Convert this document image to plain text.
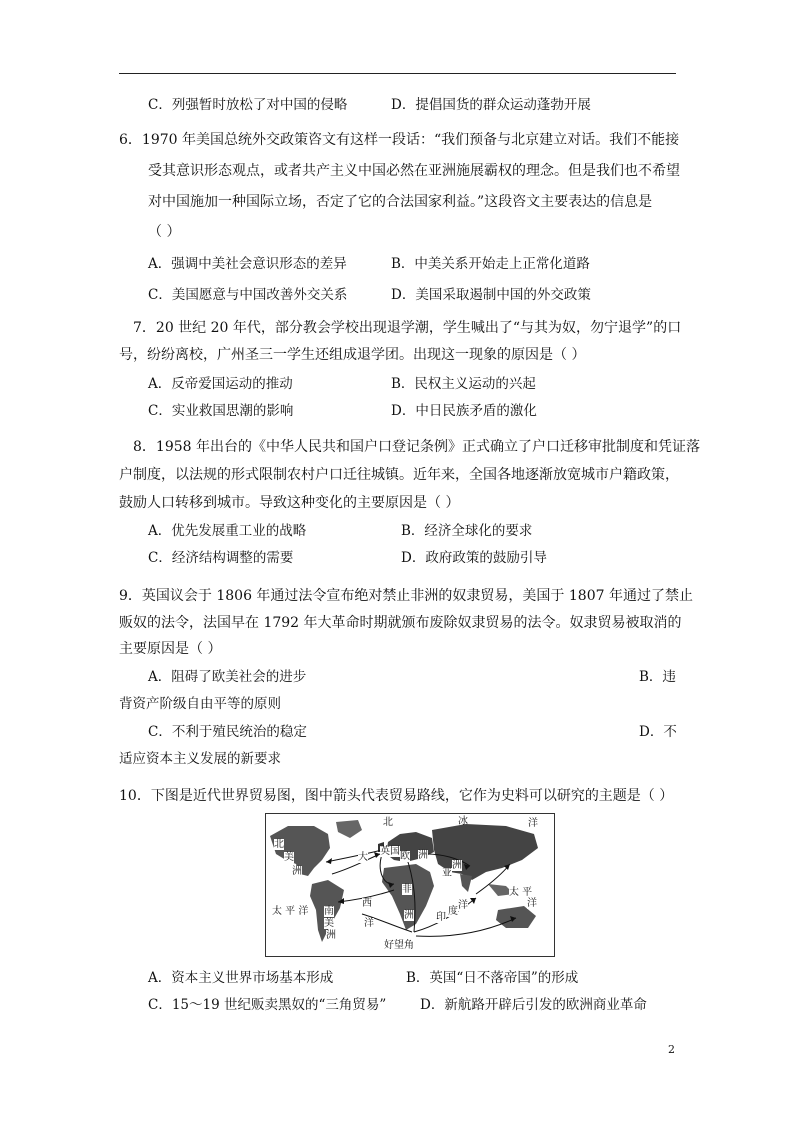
C．列强暂时放松了对中国的侵略	D．提倡国货的群众运动蓬勃开展
6．1970 年美国总统外交政策咨文有这样一段话：“我们预备与北京建立对话。我们不能接
受其意识形态观点，或者共产主义中国必然在亚洲施展霸权的理念。但是我们也不希望
对中国施加一种国际立场，否定了它的合法国家利益。”这段咨文主要表达的信息是
（ ）
A．强调中美社会意识形态的差异	B．中美关系开始走上正常化道路
C．美国愿意与中国改善外交关系	D．美国采取遏制中国的外交政策
7．20 世纪 20 年代，部分教会学校出现退学潮，学生喊出了“与其为奴，勿宁退学”的口
号，纷纷离校，广州圣三一学生还组成退学团。出现这一现象的原因是（ ）
A．反帝爱国运动的推动	B．民权主义运动的兴起
C．实业救国思潮的影响	D．中日民族矛盾的激化
8．1958 年出台的《中华人民共和国户口登记条例》正式确立了户口迁移审批制度和凭证落
户制度，以法规的形式限制农村户口迁往城镇。近年来，全国各地逐渐放宽城市户籍政策，
鼓励人口转移到城市。导致这种变化的主要原因是（ ）
A．优先发展重工业的战略	B．经济全球化的要求
C．经济结构调整的需要	D．政府政策的鼓励引导
9．英国议会于 1806 年通过法令宣布绝对禁止非洲的奴隶贸易，美国于 1807 年通过了禁止
贩奴的法令，法国早在 1792 年大革命时期就颁布废除奴隶贸易的法令。奴隶贸易被取消的
主要原因是（ ）
A．阻碍了欧美社会的进步	B．违
背资产阶级自由平等的原则
C．不利于殖民统治的稳定	D．不
适应资本主义发展的新要求
10．下图是近代世界贸易图，图中箭头代表贸易路线，它作为史料可以研究的主题是（ ）
北	冰	洋
英国
北
美
洲
欧 洲
非
洲
亚
洲
南
美
洲
印
度
洋
太 平 洋
太 平
洋
大
西
洋
好望角
A．资本主义世界市场基本形成	B．英国“日不落帝国”的形成
C．15～19 世纪贩卖黑奴的“三角贸易” D．新航路开辟后引发的欧洲商业革命
2
